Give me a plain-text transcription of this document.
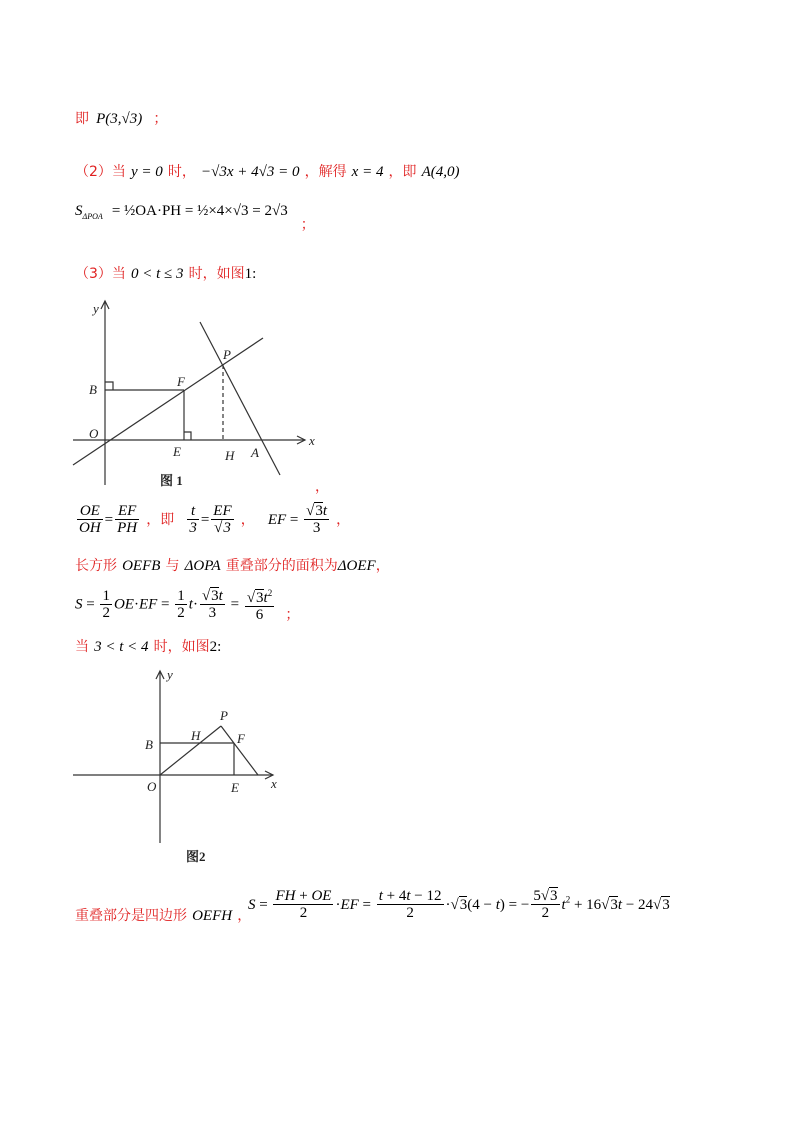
即 P(3,√3) ；
（2）当 y = 0 时， −√3x + 4√3 = 0 ，解得 x = 4 ，即 A(4,0)
$S_{\Delta POA}$ = ½OA·PH = ½×4×√3 = 2√3 ；
（3）当 0 < t ≤ 3 时，如图1:
y
x
O
B
F
P
E	H A
图 1	，
$\frac{OE}{OH} = \frac{EF}{PH}$ ，即 $\frac{t}{3} = \frac{EF}{√3}$ ， EF = $\frac{√3t}{3}$ ，
长方形 OEFB 与 ΔOPA 重叠部分的面积为ΔOEF，
$S = \frac{1}{2} OE\cdot EF = \frac{1}{2} t\cdot \frac{√3t}{3} = \frac{√3t^2}{6}$ ；
当 3 < t < 4 时，如图2:
y
x
O
B
H
P
F
E
图2
重叠部分是四边形 OEFH ，
$S = \frac{FH + OE}{2} \cdot EF = \frac{t + 4t - 12}{2} \cdot√3(4 - t)$ = − $\frac{5√3}{2} t^2 + 16√3t - 24√3$
